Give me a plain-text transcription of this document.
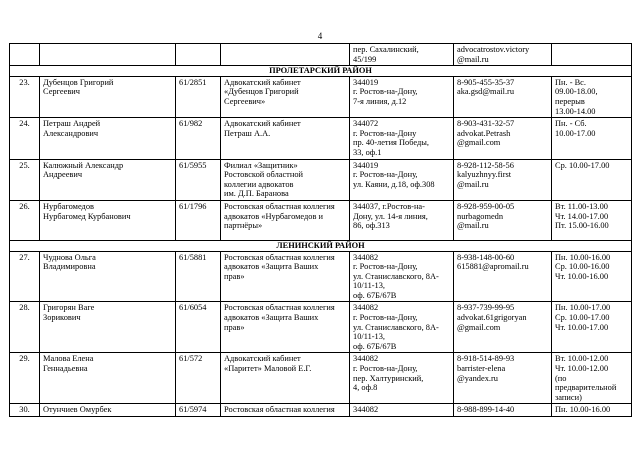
4
				пер. Сахалинский,
45/199	advocatrostov.victory
@mail.ru	
ПРОЛЕТАРСКИЙ РАЙОН						
23.	Дубенцов Григорий
Сергеевич	61/2851	Адвокатский кабинет
«Дубенцов Григорий
Сергеевич»	344019
г. Ростов-на-Дону,
7-я линия, д.12	8-905-455-35-37
aka.gsd@mail.ru	Пн. - Вс.
09.00-18.00,
перерыв
13.00-14.00
24.	Петраш Андрей
Александрович	61/982	Адвокатский кабинет
Петраш А.А.	344072
г. Ростов-на-Дону
пр. 40-летия Победы,
33, оф.1	8-903-431-32-57
advokat.Petrash
@gmail.com	Пн. - Сб.
10.00-17.00
25.	Калюжный Александр
Андреевич	61/5955	Филиал «Защитник»
Ростовской областной
коллегии адвокатов
им. Д.П. Баранова	344019
г. Ростов-на-Дону,
ул. Каяни, д.18, оф.308	8-928-112-58-56
kalyuzhnyy.first
@mail.ru	Ср. 10.00-17.00
26.	Нурбагомедов
Нурбагомед Курбанович	61/1796	Ростовская областная коллегия
адвокатов «Нурбагомедов и
партнёры»	344037, г.Ростов-на-
Дону, ул. 14-я линия,
86, оф.313	8-928-959-00-05
nurbagomedn
@mail.ru	Вт. 11.00-13.00
Чт. 14.00-17.00
Пт. 15.00-16.00
ЛЕНИНСКИЙ РАЙОН						
27.	Чуднова Ольга
Владимировна	61/5881	Ростовская областная коллегия
адвокатов «Защита Ваших
прав»	344082
г. Ростов-на-Дону,
ул. Станиславского, 8А-
10/11-13,
оф. 67Б/67В	8-938-148-00-60
615881@apromail.ru	Пн. 10.00-16.00
Ср. 10.00-16.00
Чт. 10.00-16.00
28.	Григорян Ваге
Зорикович	61/6054	Ростовская областная коллегия
адвокатов «Защита Ваших
прав»	344082
г. Ростов-на-Дону,
ул. Станиславского, 8А-
10/11-13,
оф. 67Б/67В	8-937-739-99-95
advokat.61grigoryan
@gmail.com	Пн. 10.00-17.00
Ср. 10.00-17.00
Чт. 10.00-17.00
29.	Малова Елена
Геннадьевна	61/572	Адвокатский кабинет
«Паритет» Маловой Е.Г.	344082
г. Ростов-на-Дону,
пер. Халтуринский,
4, оф.8	8-918-514-89-93
barrister-elena
@yandex.ru	Вт. 10.00-12.00
Чт. 10.00-12.00
(по
предварительной
записи)
30.	Отунчиев Омурбек	61/5974	Ростовская областная коллегия	344082	8-988-899-14-40	Пн. 10.00-16.00
